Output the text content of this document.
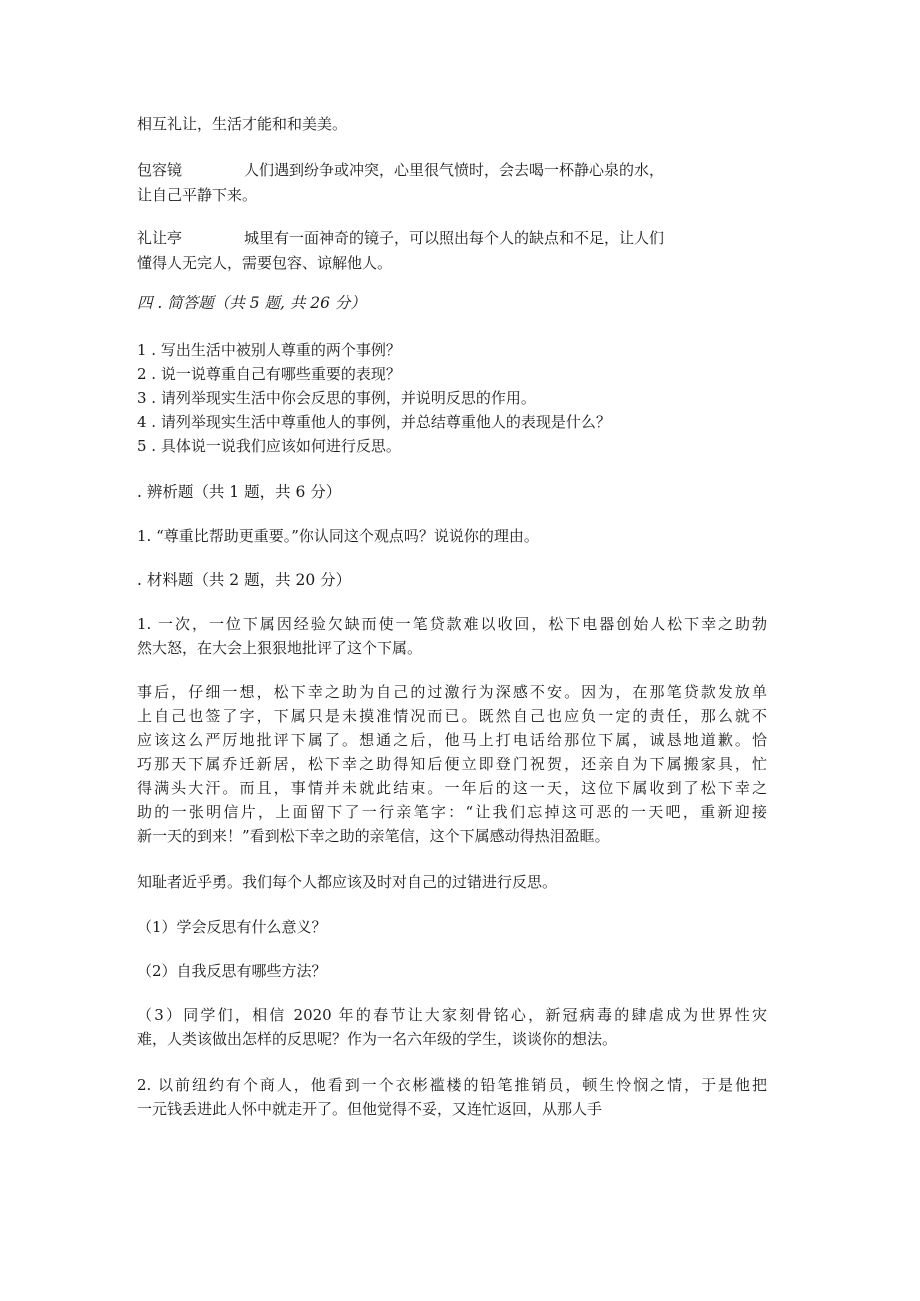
相互礼让，生活才能和和美美。
包容镜	人们遇到纷争或冲突，心里很气愤时，会去喝一杯静心泉的水，
让自己平静下来。
礼让亭	城里有一面神奇的镜子，可以照出每个人的缺点和不足，让人们
懂得人无完人，需要包容、谅解他人。
四 . 简答题（共 5 题, 共 26 分）
1 . 写出生活中被别人尊重的两个事例？
2 . 说一说尊重自己有哪些重要的表现？
3 . 请列举现实生活中你会反思的事例，并说明反思的作用。
4 . 请列举现实生活中尊重他人的事例，并总结尊重他人的表现是什么？
5 . 具体说一说我们应该如何进行反思。
. 辨析题（共 1 题，共 6 分）
1. “尊重比帮助更重要。”你认同这个观点吗？说说你的理由。
. 材料题（共 2 题，共 20 分）
1. 一次，一位下属因经验欠缺而使一笔贷款难以收回，松下电器创始人松下幸之助勃
然大怒，在大会上狠狠地批评了这个下属。
事后，仔细一想，松下幸之助为自己的过激行为深感不安。因为，在那笔贷款发放单
上自己也签了字，下属只是未摸准情况而已。既然自己也应负一定的责任，那么就不
应该这么严厉地批评下属了。想通之后，他马上打电话给那位下属，诚恳地道歉。恰
巧那天下属乔迁新居，松下幸之助得知后便立即登门祝贺，还亲自为下属搬家具，忙
得满头大汗。而且，事情并未就此结束。一年后的这一天，这位下属收到了松下幸之
助的一张明信片，上面留下了一行亲笔字：“让我们忘掉这可恶的一天吧，重新迎接
新一天的到来！”看到松下幸之助的亲笔信，这个下属感动得热泪盈眶。
知耻者近乎勇。我们每个人都应该及时对自己的过错进行反思。
（1）学会反思有什么意义？
（2）自我反思有哪些方法？
（3）同学们，相信 2020 年的春节让大家刻骨铭心，新冠病毒的肆虐成为世界性灾
难，人类该做出怎样的反思呢？作为一名六年级的学生，谈谈你的想法。
2. 以前纽约有个商人，他看到一个衣彬褴楼的铅笔推销员，顿生怜悯之情，于是他把
一元钱丢进此人怀中就走开了。但他觉得不妥，又连忙返回，从那人手
